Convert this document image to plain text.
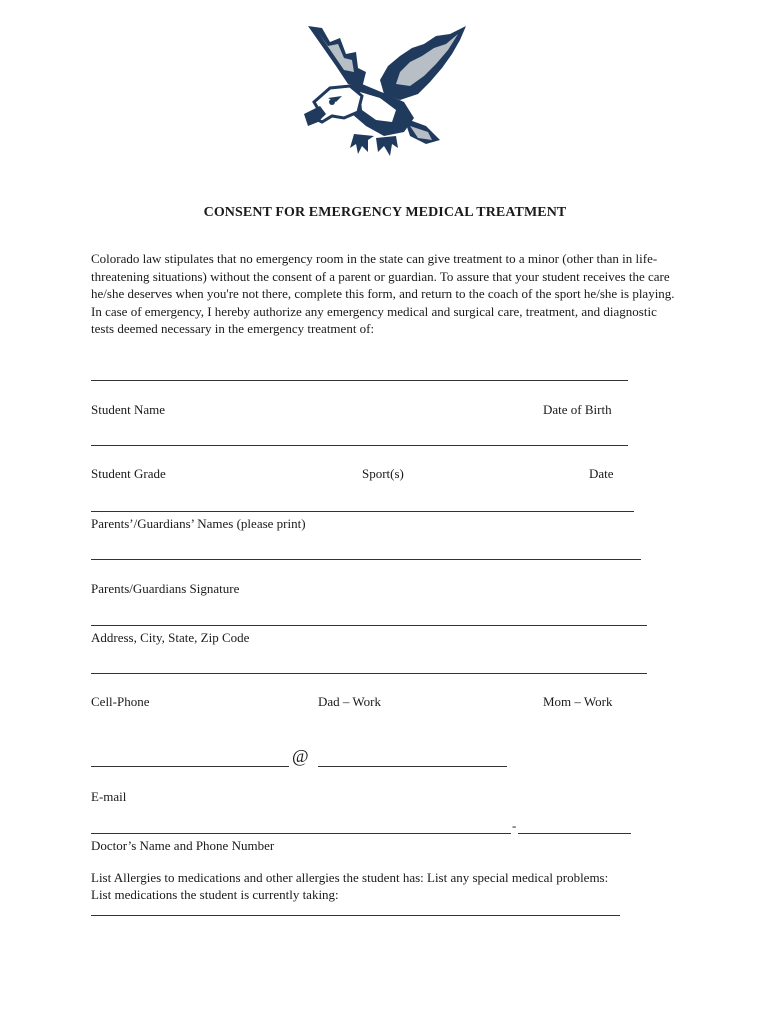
CONSENT FOR EMERGENCY MEDICAL TREATMENT
Colorado law stipulates that no emergency room in the state can give treatment to a minor (other than in life-threatening situations) without the consent of a parent or guardian. To assure that your student receives the care he/she deserves when you're not there, complete this form, and return to the coach of the sport he/she is playing. In case of emergency, I hereby authorize any emergency medical and surgical care, treatment, and diagnostic tests deemed necessary in the emergency treatment of:
Student Name	Date of Birth
Student Grade	Sport(s)	Date
Parents’/Guardians’ Names (please print)
Parents/Guardians Signature
Address, City, State, Zip Code
Cell-Phone	Dad – Work	Mom – Work
@
E-mail
-
Doctor’s Name and Phone Number
List Allergies to medications and other allergies the student has: List any special medical problems:
List medications the student is currently taking:
